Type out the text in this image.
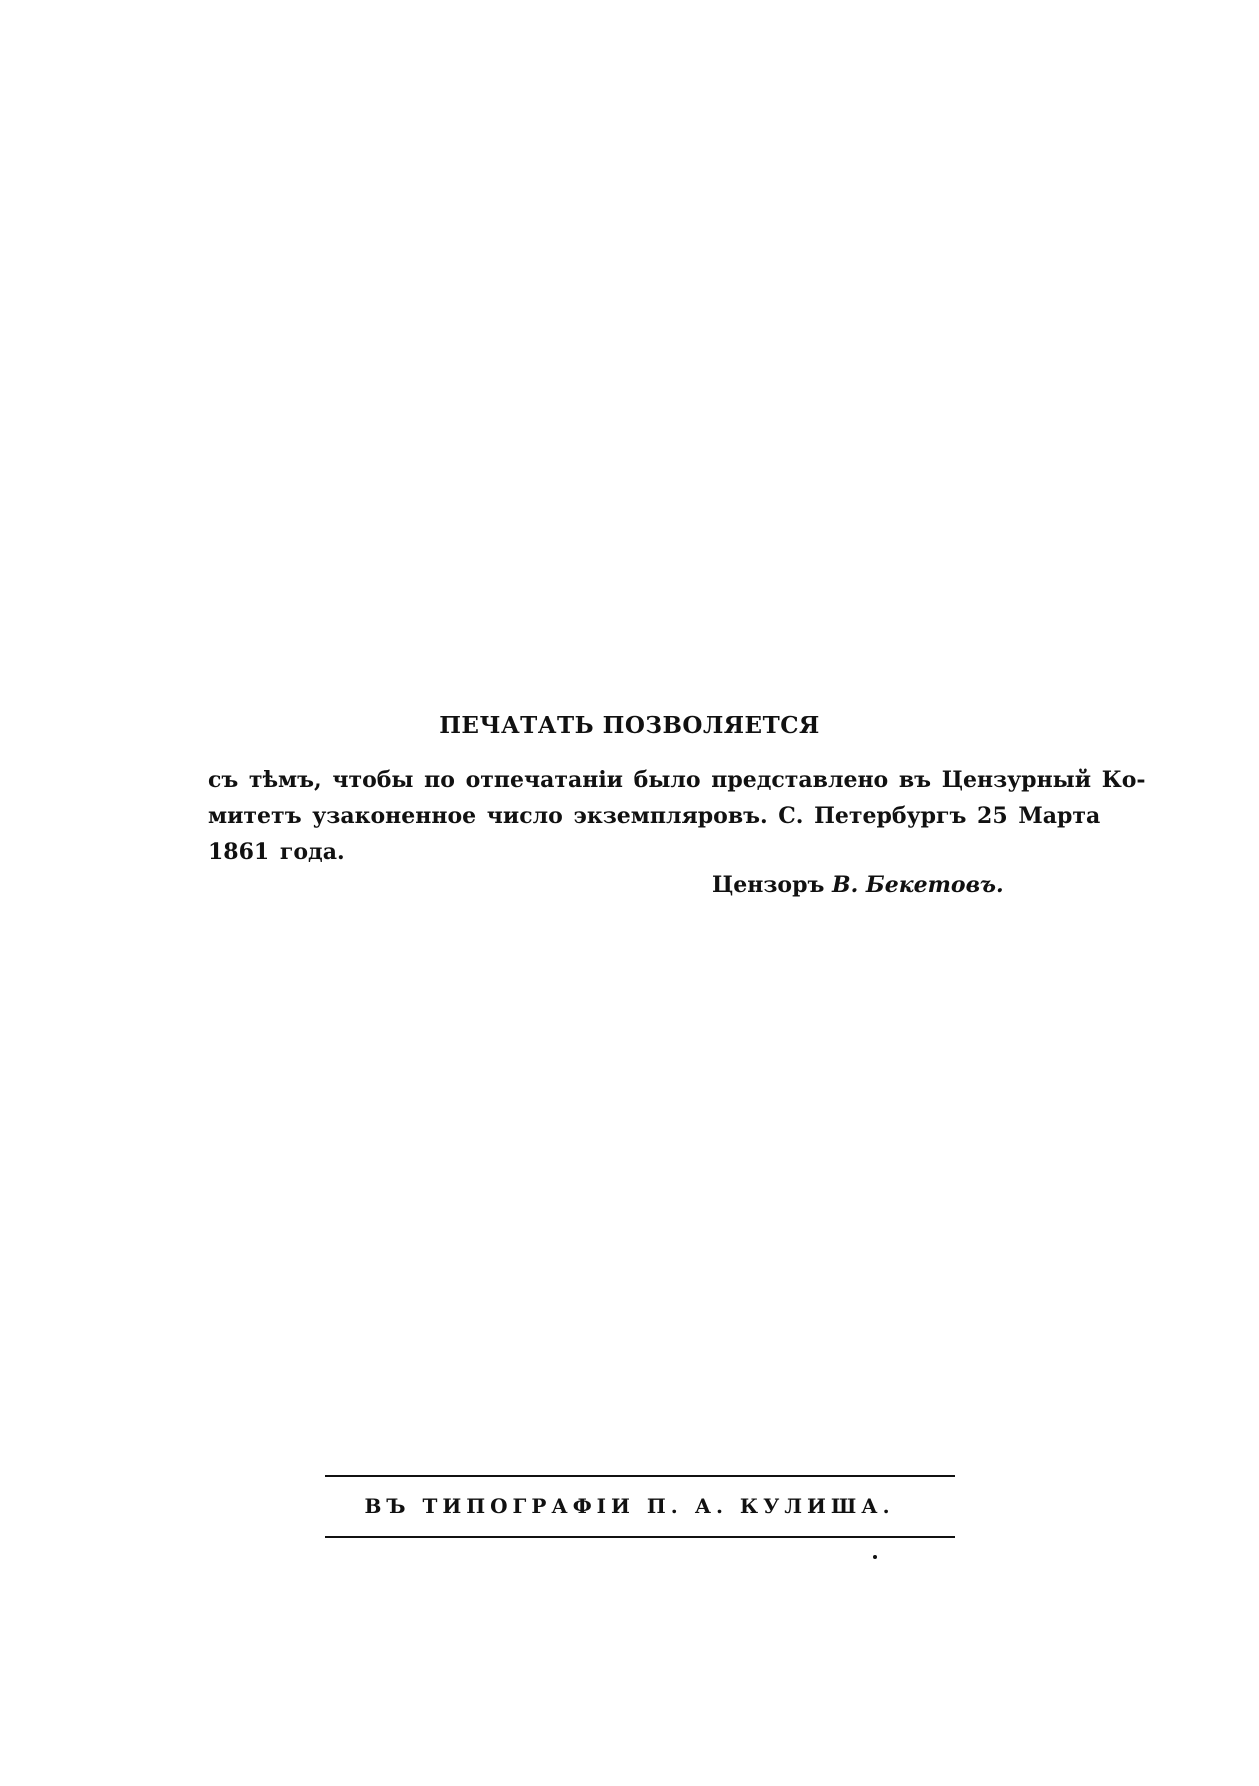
ПЕЧАТАТЬ ПОЗВОЛЯЕТСЯ
съ тѣмъ, чтобы по отпечатаніи было представлено въ Цензурный Ко-
митетъ узаконенное число экземпляровъ. С. Петербургъ 25 Марта
1861 года.
Цензоръ В. Бекетовъ.
ВЪ ТИПОГРАФІИ П. А. КУЛИША.
